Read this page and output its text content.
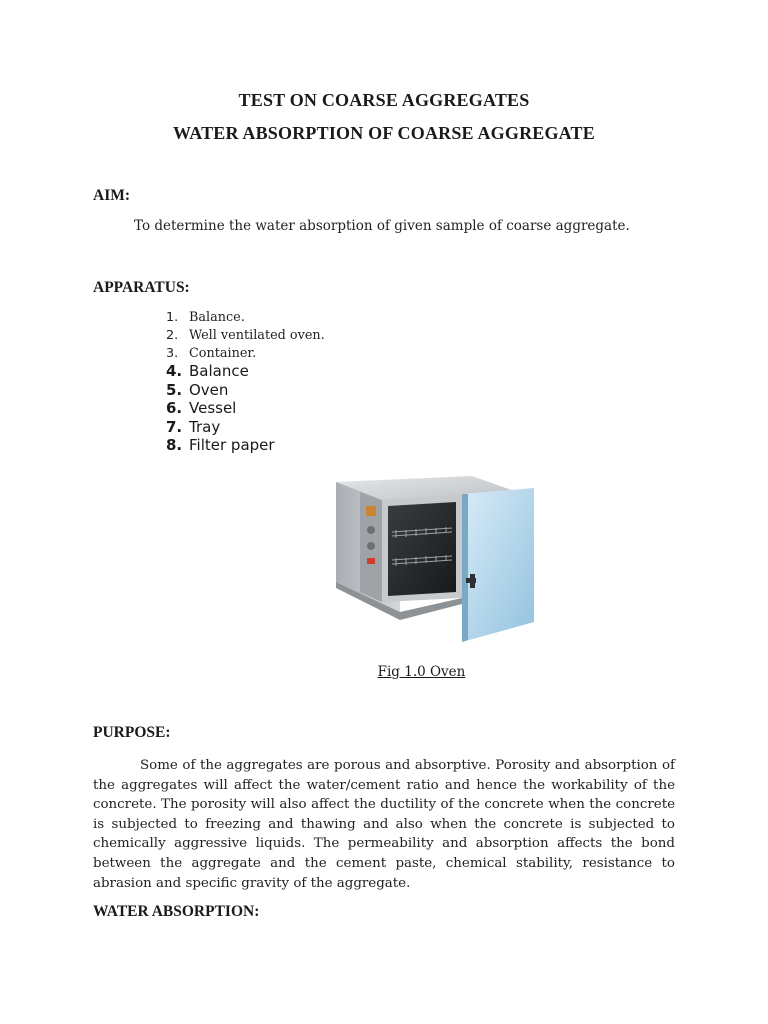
TEST ON COARSE AGGREGATES
WATER ABSORPTION OF COARSE AGGREGATE
AIM:
To determine the water absorption of given sample of coarse aggregate.
APPARATUS:
1. Balance.
2. Well ventilated oven.
3. Container.
4. Balance
5. Oven
6. Vessel
7. Tray
8. Filter paper
Fig 1.0 Oven
PURPOSE:

Some of the aggregates are porous and absorptive. Porosity and absorption of the aggregates will affect the water/cement ratio and hence the workability of the concrete. The porosity will also affect the ductility of the concrete when the concrete is subjected to freezing and thawing and also when the concrete is subjected to chemically aggressive liquids. The permeability and absorption affects the bond between the aggregate and the cement paste, chemical stability, resistance to abrasion and specific gravity of the aggregate.

WATER ABSORPTION:
